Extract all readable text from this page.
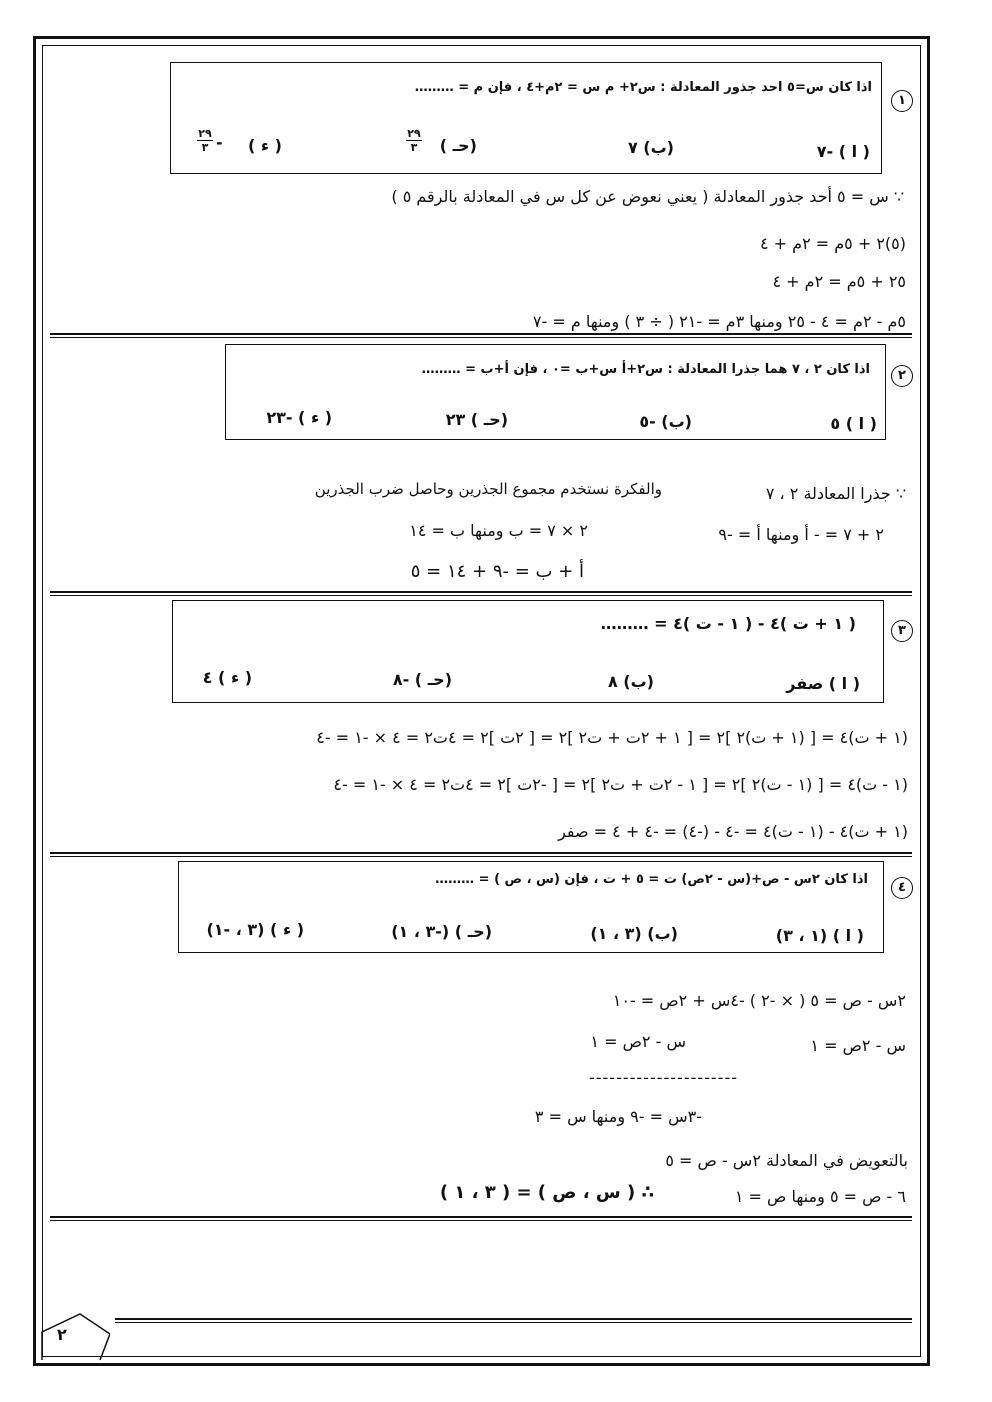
١
اذا كان س=٥ احد جذور المعادلة : س٢+ م س = ٢م+٤ ، فإن م = ………
( ا ) -٧
(ب) ٧
(حـ )
٢٩
٣
( ء )
٢٩
٣ -
∵ س = ٥ أحد جذور المعادلة ( يعني نعوض عن كل س في المعادلة بالرقم ٥ )
(٥)٢ + ٥م = ٢م + ٤
٢٥ + ٥م = ٢م + ٤
٥م - ٢م = ٤ - ٢٥ ومنها ٣م = -٢١ ( ÷ ٣ ) ومنها م = -٧
٢
اذا كان ٢ ، ٧ هما جذرا المعادلة : س٢+أ س+ب =٠ ، فإن أ+ب = ………
( ا ) ٥
(ب) -٥
(حـ ) ٢٣
( ء ) -٢٣
∵ جذرا المعادلة ٢ ، ٧
والفكرة نستخدم مجموع الجذرين وحاصل ضرب الجذرين
٢ + ٧ = - أ ومنها أ = -٩
٢ × ٧ = ب ومنها ب = ١٤
أ + ب = -٩ + ١٤ = ٥
٣
( ١ + ت )٤ - ( ١ - ت )٤ = ………
( ا ) صفر
(ب) ٨
(حـ ) -٨
( ء ) ٤
(١ + ت)٤ = [ (١ + ت)٢ ]٢ = [ ١ + ٢ت + ت٢ ]٢ = [ ٢ت ]٢ = ٤ت٢ = ٤ × -١ = -٤
(١ - ت)٤ = [ (١ - ت)٢ ]٢ = [ ١ - ٢ت + ت٢ ]٢ = [ -٢ت ]٢ = ٤ت٢ = ٤ × -١ = -٤
(١ + ت)٤ - (١ - ت)٤ = -٤ - (-٤) = -٤ + ٤ = صفر
٤
اذا كان ٢س - ص+(س - ٢ص) ت = ٥ + ت ، فإن (س ، ص ) = ………
( ا ) (١ ، ٣)
(ب) (٣ ، ١)
(حـ ) (-٣ ، ١)
( ء ) (٣ ، -١)
٢س - ص = ٥ ( × -٢ ) -٤س + ٢ص = -١٠
س - ٢ص = ١
س - ٢ص = ١
----------------------
-٣س = -٩ ومنها س = ٣
بالتعويض في المعادلة ٢س - ص = ٥
٦ - ص = ٥ ومنها ص = ١
∴ ( س ، ص ) = ( ٣ ، ١ )
٢
